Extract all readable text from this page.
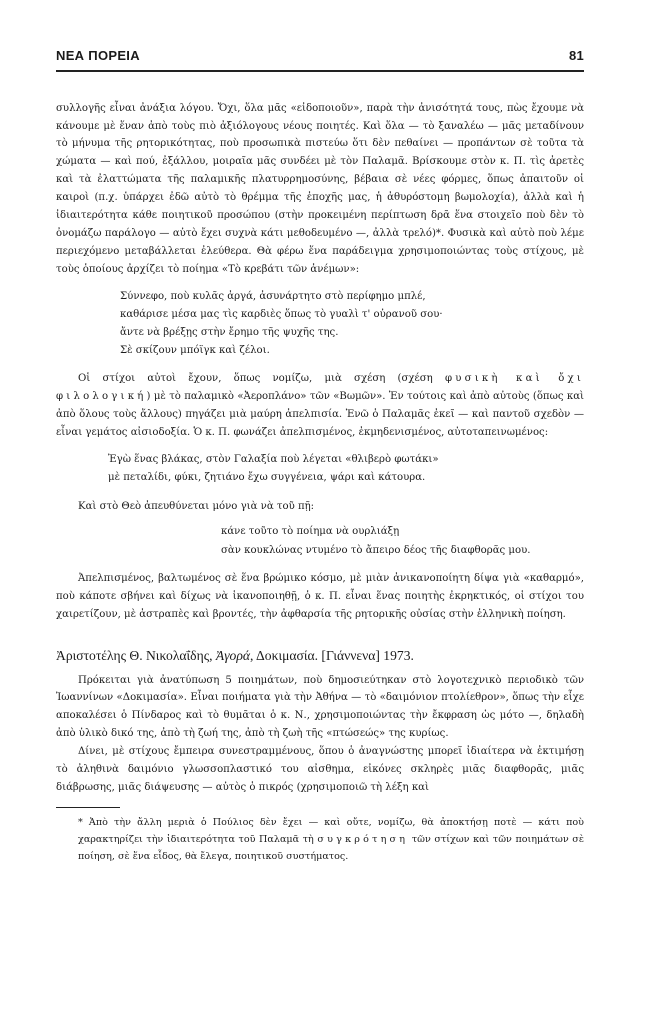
ΝΕΑ ΠΟΡΕΙΑ	81

συλλογῆς εἶναι ἀνάξια λόγου. Ὄχι, ὅλα μᾶς «εἰδοποιοῦν», παρὰ τὴν ἀνισότητά τους, πὼς ἔχουμε νὰ κάνουμε μὲ ἕναν ἀπὸ τοὺς πιὸ ἀξιόλογους νέους ποιητές. Καὶ ὅλα — τὸ ξαναλέω — μᾶς μεταδίνουν τὸ μήνυμα τῆς ρητορικότητας, ποὺ προσωπικὰ πιστεύω ὅτι δὲν πεθαίνει — προπάντων σὲ τοῦτα τὰ χώματα — καὶ πού, ἐξάλλου, μοιραῖα μᾶς συνδέει μὲ τὸν Παλαμᾶ. Βρίσκουμε στὸν κ. Π. τὶς ἀρετὲς καὶ τὰ ἐλαττώματα τῆς παλαμικῆς πλατυρρημοσύνης, βέβαια σὲ νέες φόρμες, ὅπως ἀπαιτοῦν οἱ καιροὶ (π.χ. ὑπάρχει ἐδῶ αὐτὸ τὸ θρέμμα τῆς ἐποχῆς μας, ἡ ἀθυρόστομη βωμολοχία), ἀλλὰ καὶ ἡ ἰδιαιτερότητα κάθε ποιητικοῦ προσώπου (στὴν προκειμένη περίπτωση δρᾶ ἕνα στοιχεῖο ποὺ δὲν τὸ ὀνομάζω παράλογο — αὐτὸ ἔχει συχνὰ κάτι μεθοδευμένο —, ἀλλὰ τρελό)*. Φυσικὰ καὶ αὐτὸ ποὺ λέμε περιεχόμενο μεταβάλλεται ἐλεύθερα. Θὰ φέρω ἕνα παράδειγμα χρησιμοποιώντας τοὺς στίχους, μὲ τοὺς ὁποίους ἀρχίζει τὸ ποίημα «Τὸ κρεβάτι τῶν ἀνέμων»:

Σύννεφο, ποὺ κυλᾶς ἀργά, ἀσυνάρτητο στὸ περίφημο μπλέ,
καθάρισε μέσα μας τὶς καρδιὲς ὅπως τὸ γυαλὶ τ' οὐρανοῦ σου·
ἄντε νὰ βρέξῃς στὴν ἔρημο τῆς ψυχῆς της.
Σὲ σκίζουν μπόϊγκ καὶ ζέλοι.

Οἱ στίχοι αὐτοὶ ἔχουν, ὅπως νομίζω, μιὰ σχέση (σχέση φυσικὴ καὶ ὄχι φιλολογική) μὲ τὸ παλαμικὸ «Ἀεροπλάνο» τῶν «Βωμῶν». Ἐν τούτοις καὶ ἀπὸ αὐτοὺς (ὅπως καὶ ἀπὸ ὅλους τοὺς ἄλλους) πηγάζει μιὰ μαύρη ἀπελπισία. Ἐνῶ ὁ Παλαμᾶς ἐκεῖ — καὶ παντοῦ σχεδὸν — εἶναι γεμάτος αἰσιοδοξία. Ὁ κ. Π. φωνάζει ἀπελπισμένος, ἐκμηδενισμένος, αὐτοταπεινωμένος:

Ἐγὼ ἕνας βλάκας, στὸν Γαλαξία ποὺ λέγεται «θλιβερὸ φωτάκι»
μὲ πεταλίδι, φύκι, ζητιάνο ἔχω συγγένεια, ψάρι καὶ κάτουρα.

Καὶ στὸ Θεὸ ἀπευθύνεται μόνο γιὰ νὰ τοῦ πῇ:

κάνε τοῦτο τὸ ποίημα νὰ ουρλιάξῃ
σὰν κουκλώνας ντυμένο τὸ ἄπειρο δέος τῆς διαφθορᾶς μου.

Ἀπελπισμένος, βαλτωμένος σὲ ἕνα βρώμικο κόσμο, μὲ μιὰν ἀνικανοποίητη δίψα γιὰ «καθαρμό», ποὺ κάποτε σβήνει καὶ δίχως νὰ ἱκανοποιηθῇ, ὁ κ. Π. εἶναι ἕνας ποιητὴς ἐκρηκτικός, οἱ στίχοι του χαιρετίζουν, μὲ ἀστραπὲς καὶ βροντές, τὴν ἀφθαρσία τῆς ρητορικῆς οὐσίας στὴν ἑλληνικὴ ποίηση.

Ἀριστοτέλης Θ. Νικολαΐδης, Ἀγορά, Δοκιμασία. [Γιάννενα] 1973.

Πρόκειται γιὰ ἀνατύπωση 5 ποιημάτων, ποὺ δημοσιεύτηκαν στὸ λογοτεχνικὸ περιοδικὸ τῶν Ἰωαννίνων «Δοκιμασία». Εἶναι ποιήματα γιὰ τὴν Ἀθήνα — τὸ «δαιμόνιον πτολίεθρον», ὅπως τὴν εἶχε αποκαλέσει ὁ Πίνδαρος καὶ τὸ θυμᾶται ὁ κ. Ν., χρησιμοποιώντας τὴν ἔκφραση ὡς μότο —, δηλαδὴ ἀπὸ ὑλικὸ δικό της, ἀπὸ τὴ ζωή της, ἀπὸ τὴ ζωὴ τῆς «πτώσεώς» της κυρίως.

Δίνει, μὲ στίχους ἔμπειρα συνεστραμμένους, ὅπου ὁ ἀναγνώστης μπορεῖ ἰδιαίτερα νὰ ἐκτιμήσῃ τὸ ἀληθινὰ δαιμόνιο γλωσσοπλαστικό του αἰσθημα, εἰκόνες σκληρὲς μιᾶς διαφθορᾶς, μιᾶς διάβρωσης, μιᾶς διάψευσης — αὐτὸς ὁ πικρός (χρησιμοποιῶ τὴ λέξη καὶ

* Ἀπὸ τὴν ἄλλη μεριὰ ὁ Πούλιος δὲν ἔχει — καὶ οὔτε, νομίζω, θὰ ἀποκτήσῃ ποτὲ — κάτι ποὺ χαρακτηρίζει τὴν ἰδιαιτερότητα τοῦ Παλαμᾶ τὴ συγκρότηση τῶν στίχων καὶ τῶν ποιημάτων σὲ ποίηση, σὲ ἕνα εἶδος, θὰ ἔλεγα, ποιητικοῦ συστήματος.
